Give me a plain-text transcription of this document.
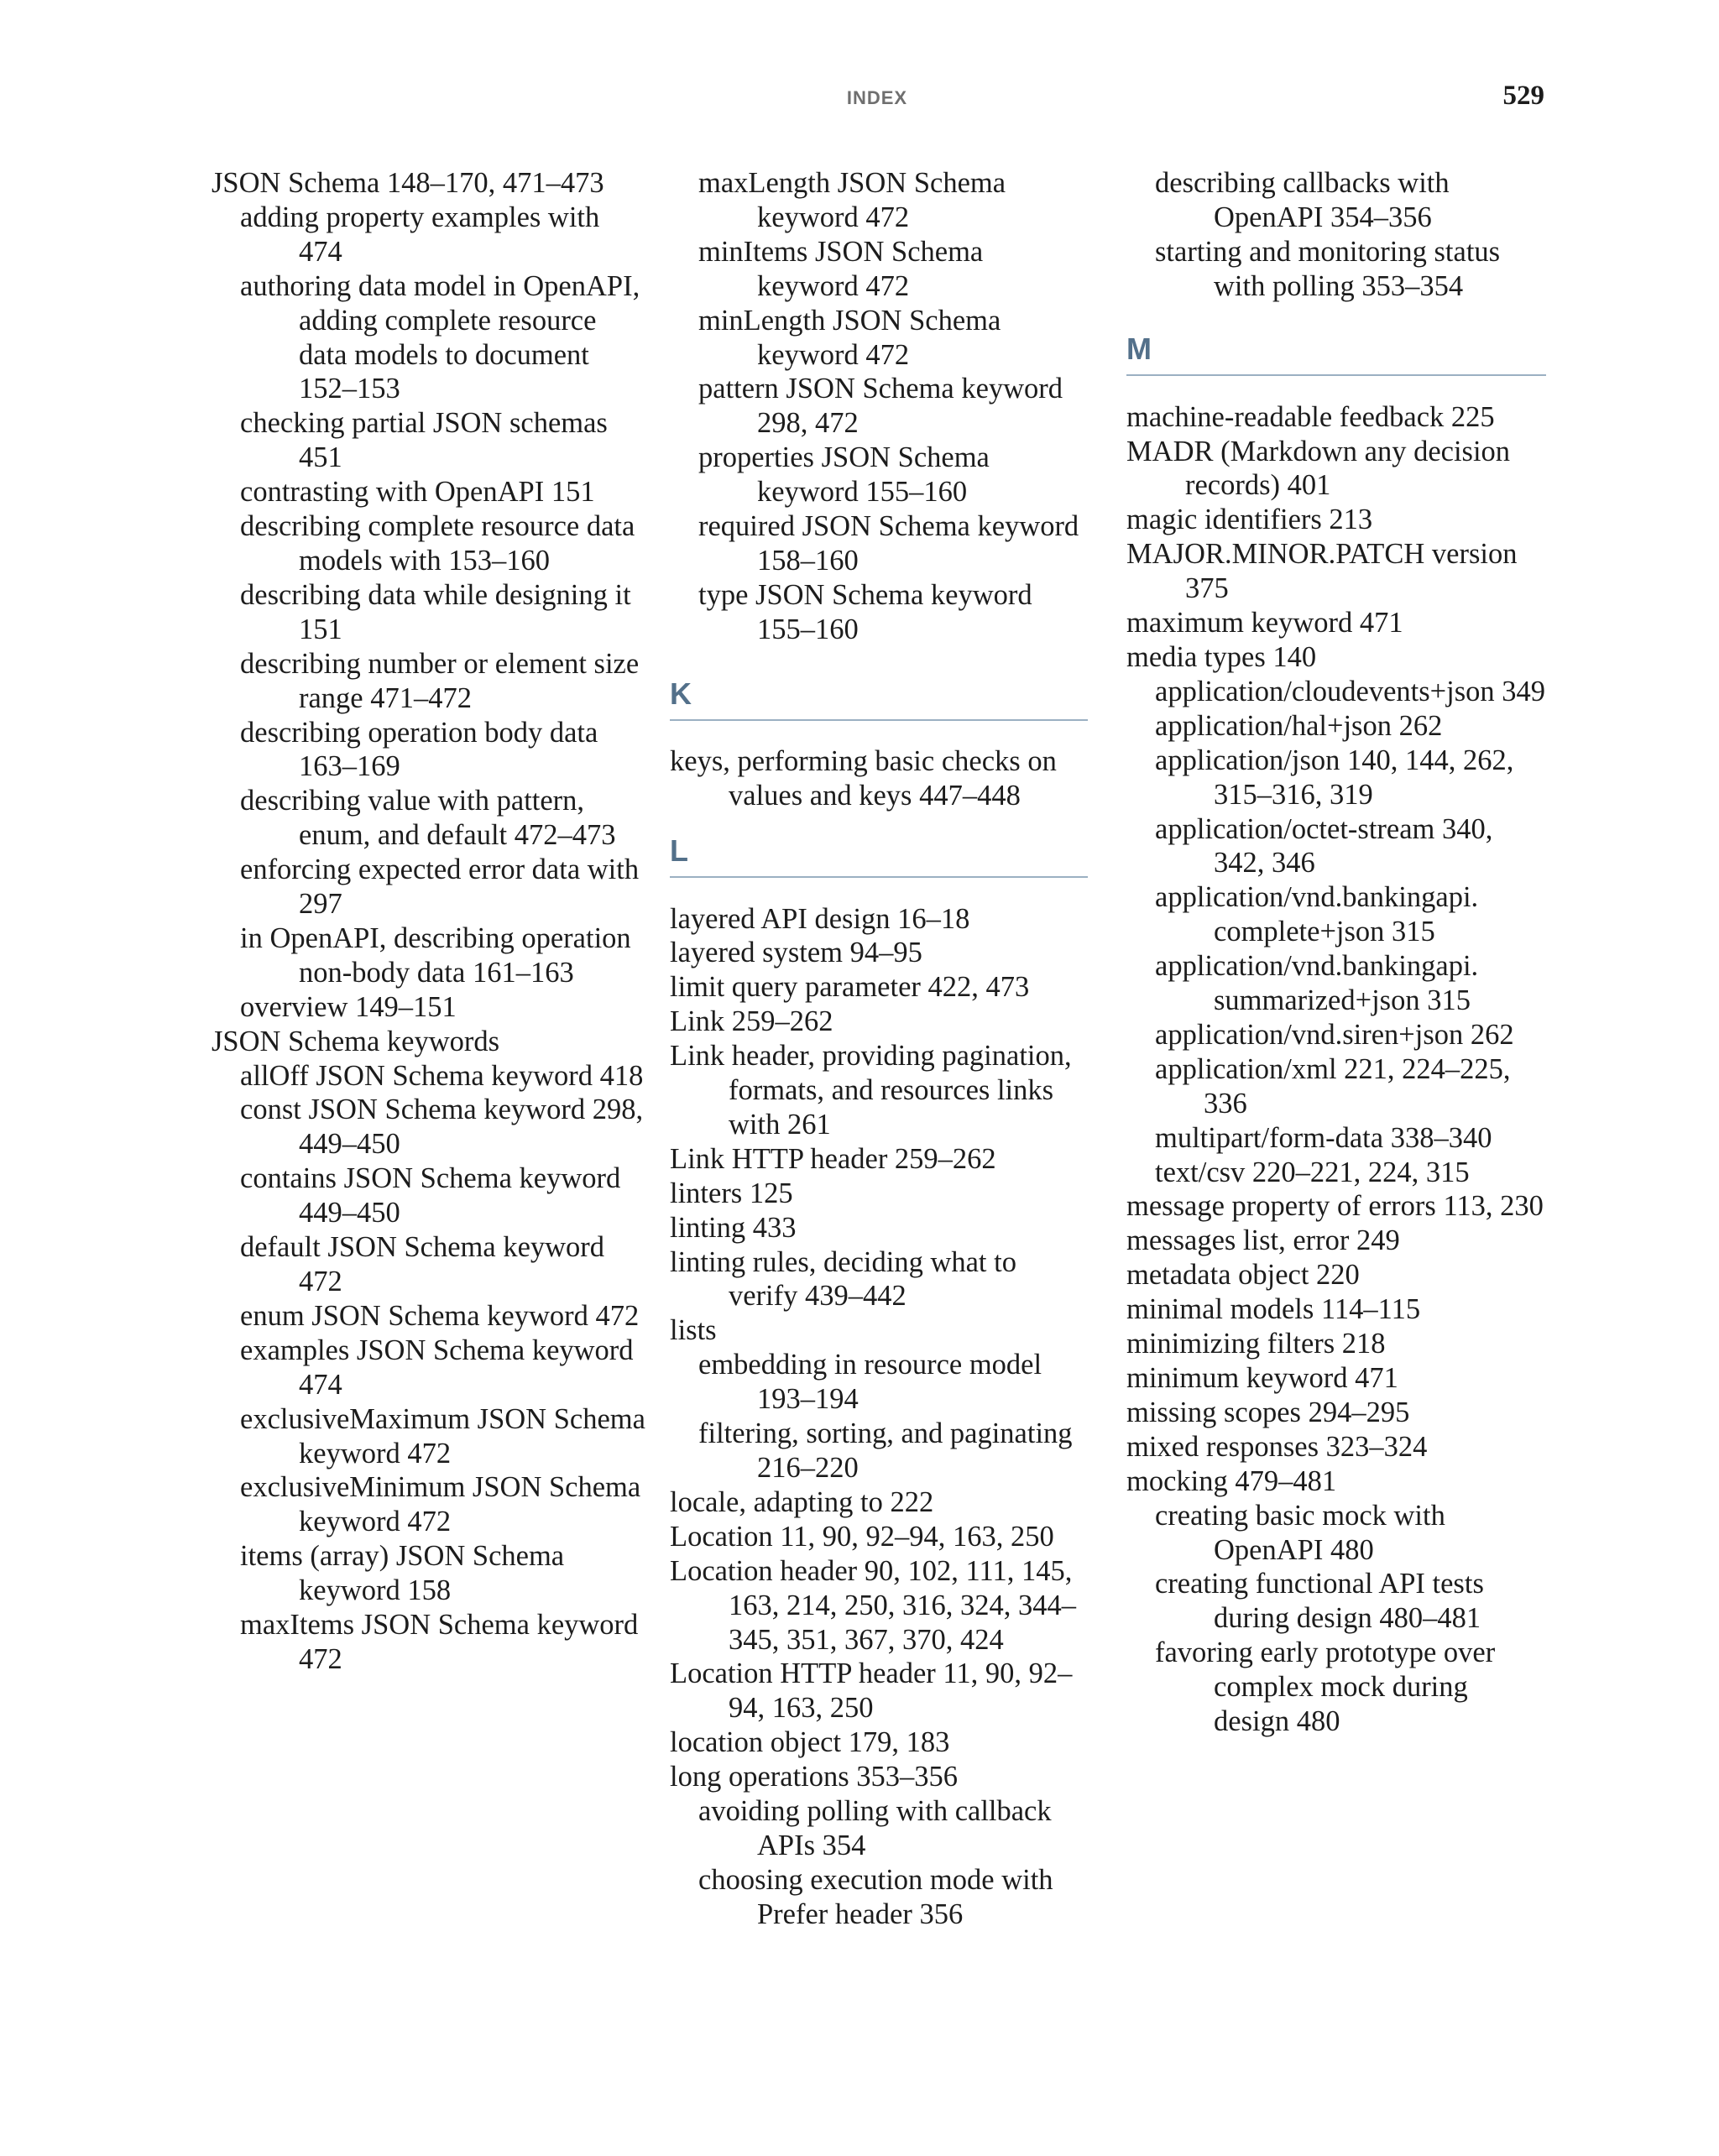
INDEX	529
JSON Schema 148–170, 471–473
adding property examples with 474
authoring data model in OpenAPI, adding complete resource data models to document 152–153
checking partial JSON schemas 451
contrasting with OpenAPI 151
describing complete resource data models with 153–160
describing data while designing it 151
describing number or element size range 471–472
describing operation body data 163–169
describing value with pattern, enum, and default 472–473
enforcing expected error data with 297
in OpenAPI, describing operation non-body data 161–163
overview 149–151
JSON Schema keywords
allOff JSON Schema keyword 418
const JSON Schema keyword 298, 449–450
contains JSON Schema keyword 449–450
default JSON Schema keyword 472
enum JSON Schema keyword 472
examples JSON Schema keyword 474
exclusiveMaximum JSON Schema keyword 472
exclusiveMinimum JSON Schema keyword 472
items (array) JSON Schema keyword 158
maxItems JSON Schema keyword 472
maxLength JSON Schema keyword 472
minItems JSON Schema keyword 472
minLength JSON Schema keyword 472
pattern JSON Schema keyword 298, 472
properties JSON Schema keyword 155–160
required JSON Schema keyword 158–160
type JSON Schema keyword 155–160
K
keys, performing basic checks on values and keys 447–448
L
layered API design 16–18
layered system 94–95
limit query parameter 422, 473
Link 259–262
Link header, providing pagination, formats, and resources links with 261
Link HTTP header 259–262
linters 125
linting 433
linting rules, deciding what to verify 439–442
lists
embedding in resource model 193–194
filtering, sorting, and paginating 216–220
locale, adapting to 222
Location 11, 90, 92–94, 163, 250
Location header 90, 102, 111, 145, 163, 214, 250, 316, 324, 344–345, 351, 367, 370, 424
Location HTTP header 11, 90, 92–94, 163, 250
location object 179, 183
long operations 353–356
avoiding polling with callback APIs 354
choosing execution mode with Prefer header 356
describing callbacks with OpenAPI 354–356
starting and monitoring status with polling 353–354
M
machine-readable feedback 225
MADR (Markdown any decision records) 401
magic identifiers 213
MAJOR.MINOR.PATCH version 375
maximum keyword 471
media types 140
application/cloudevents+json 349
application/hal+json 262
application/json 140, 144, 262, 315–316, 319
application/octet-stream 340, 342, 346
application/vnd.bankingapi. complete+json 315
application/vnd.bankingapi. summarized+json 315
application/vnd.siren+json 262
application/xml 221, 224–225, 336
multipart/form-data 338–340
text/csv 220–221, 224, 315
message property of errors 113, 230
messages list, error 249
metadata object 220
minimal models 114–115
minimizing filters 218
minimum keyword 471
missing scopes 294–295
mixed responses 323–324
mocking 479–481
creating basic mock with OpenAPI 480
creating functional API tests during design 480–481
favoring early prototype over complex mock during design 480
